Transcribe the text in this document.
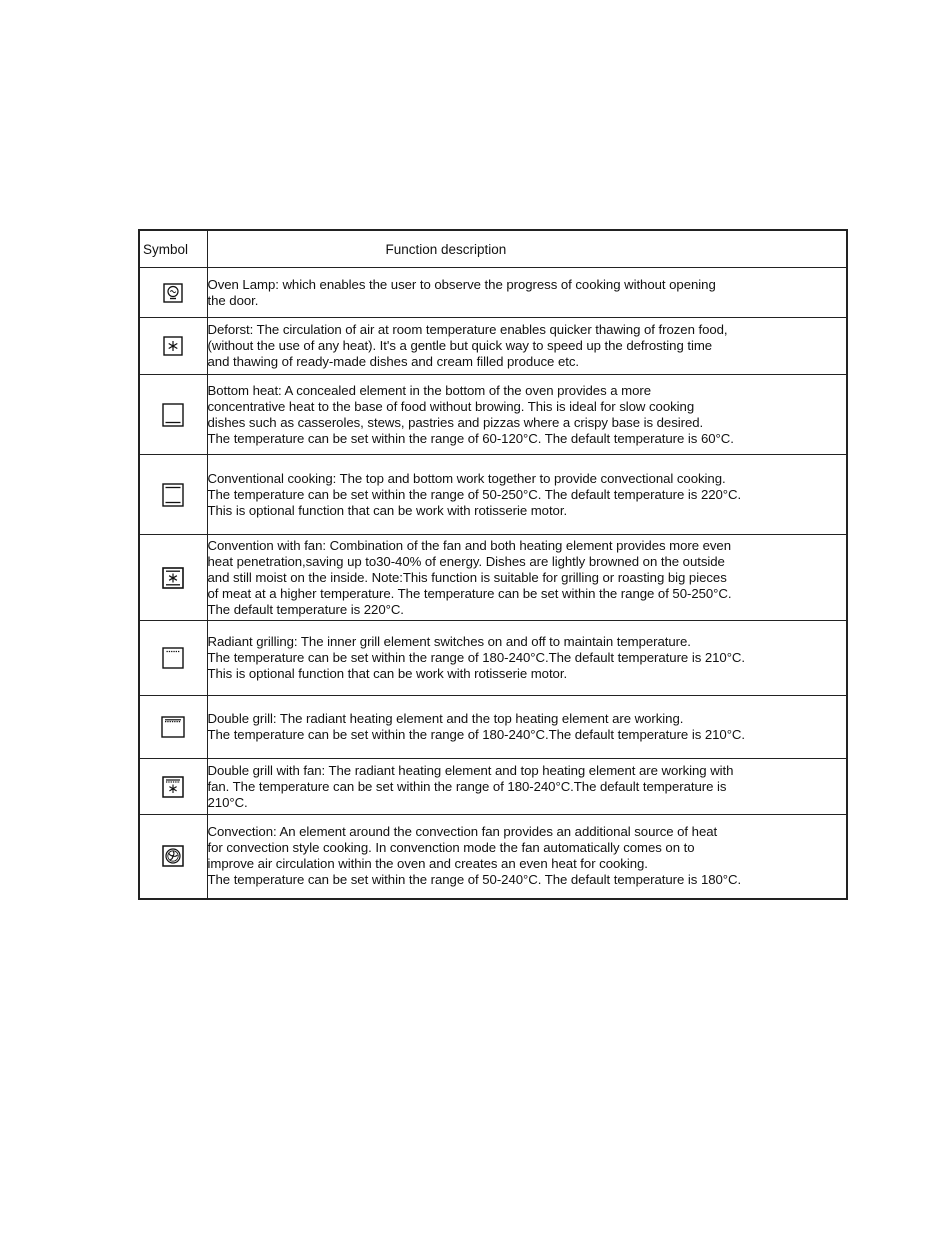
Symbol	Function description

Oven Lamp: which enables the user to observe the progress of cooking without opening
the door.

Deforst: The circulation of air at room temperature enables quicker thawing of frozen food,
(without the use of any heat). It's a gentle but quick way to speed up the defrosting time
and thawing of ready-made dishes and cream filled produce etc.

Bottom heat: A concealed element in the bottom of the oven provides a more
concentrative heat to the base of food without browing. This is ideal for slow cooking
dishes such as casseroles, stews, pastries and pizzas where a crispy base is desired.
The temperature can be set within the range of 60-120°C. The default temperature is 60°C.

Conventional cooking: The top and bottom work together to provide convectional cooking.
The temperature can be set within the range of 50-250°C. The default temperature is 220°C.
This is optional function that can be work with rotisserie motor.

Convention with fan: Combination of the fan and both heating element provides more even
heat penetration,saving up to30-40% of energy. Dishes are lightly browned on the outside
and still moist on the inside. Note:This function is suitable for grilling or roasting big pieces
of meat at a higher temperature. The temperature can be set within the range of 50-250°C.
The default temperature is 220°C.

Radiant grilling: The inner grill element switches on and off to maintain temperature.
The temperature can be set within the range of 180-240°C.The default temperature is 210°C.
This is optional function that can be work with rotisserie motor.

Double grill: The radiant heating element and the top heating element are working.
The temperature can be set within the range of 180-240°C.The default temperature is 210°C.

Double grill with fan: The radiant heating element and top heating element are working with
fan. The temperature can be set within the range of 180-240°C.The default temperature is
210°C.

Convection: An element around the convection fan provides an additional source of heat
for convection style cooking. In convenction mode the fan automatically comes on to
improve air circulation within the oven and creates an even heat for cooking.
The temperature can be set within the range of 50-240°C. The default temperature is 180°C.
